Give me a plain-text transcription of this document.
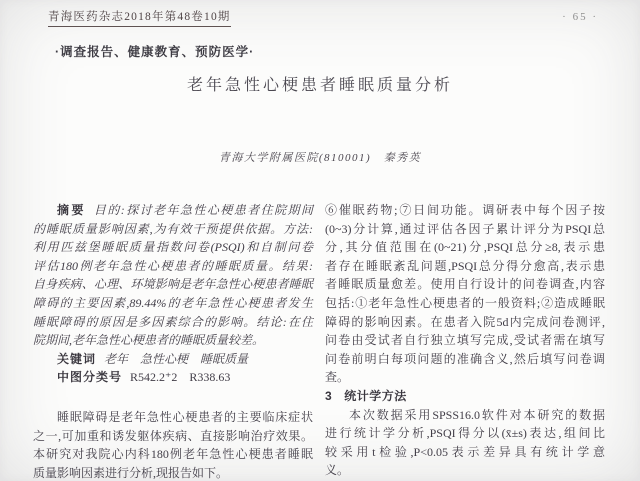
青海医药杂志2018年第48卷10期	· 65 ·
·调查报告、健康教育、预防医学·
老年急性心梗患者睡眠质量分析
青海大学附属医院(810001)　秦秀英
摘要 目的:探讨老年急性心梗患者住院期间
的睡眠质量影响因素,为有效干预提供依据。方法:
利用匹兹堡睡眠质量指数问卷(PSQI)和自制问卷
评估180例老年急性心梗患者的睡眠质量。结果:
自身疾病、心理、环境影响是老年急性心梗患者睡眠
障碍的主要因素,89.44%的老年急性心梗患者发生
睡眠障碍的原因是多因素综合的影响。结论:在住
院期间,老年急性心梗患者的睡眠质量较差。
关键词 老年　急性心梗　睡眠质量
中图分类号 R542.2⁺2　R338.63
睡眠障碍是老年急性心梗患者的主要临床症状
之一,可加重和诱发躯体疾病、直接影响治疗效果。
本研究对我院心内科180例老年急性心梗患者睡眠
质量影响因素进行分析,现报告如下。
⑥催眠药物;⑦日间功能。调研表中每个因子按
(0~3)分计算,通过评估各因子累计评分为PSQI总
分,其分值范围在(0~21)分,PSQI总分≥8,表示患
者存在睡眠紊乱问题,PSQI总分得分愈高,表示患
者睡眠质量愈差。使用自行设计的问卷调查,内容
包括:①老年急性心梗患者的一般资料;②造成睡眠
障碍的影响因素。在患者入院5d内完成问卷测评,
问卷由受试者自行独立填写完成,受试者需在填写
问卷前明白每项问题的准确含义,然后填写问卷调
查。
3 统计学方法
本次数据采用SPSS16.0软件对本研究的数据
进行统计学分析,PSQI得分以(x̄±s)表达,组间比
较采用t检验,P<0.05表示差异具有统计学意
义。
